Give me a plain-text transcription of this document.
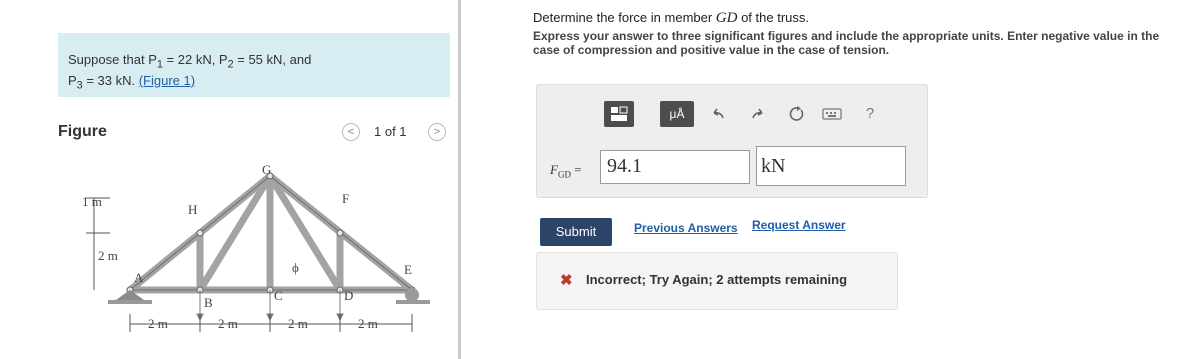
Suppose that $P_1 = 22$ kN, $P_2 = 55$ kN, and
$P_3 = 33$ kN. (Figure 1)
Figure	<	1 of 1	>
G
H
F
A
E
B	C	D
ϕ
1 m
2 m
2 m	2 m	2 m	2 m
Determine the force in member GD of the truss.
Express your answer to three significant figures and include the appropriate units. Enter negative value in the case of compression and positive value in the case of tension.
μÅ	?
$F_{GD}$ =	94.1	kN
Submit	Previous Answers Request Answer
✖ Incorrect; Try Again; 2 attempts remaining
